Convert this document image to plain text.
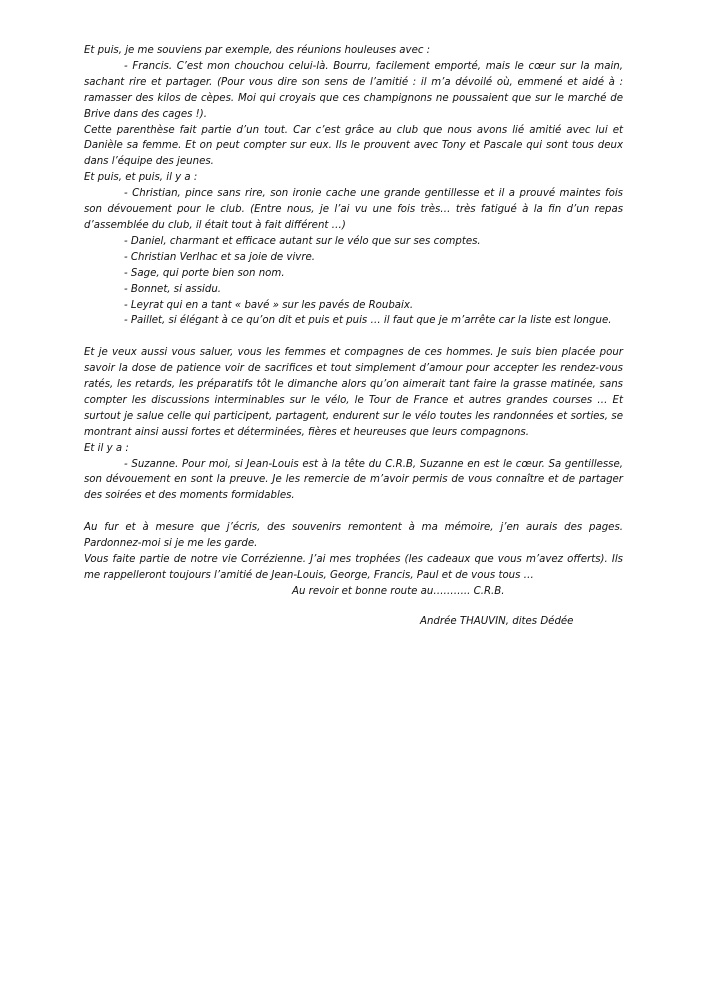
Et puis, je me souviens par exemple, des réunions houleuses avec :

- Francis. C’est mon chouchou celui-là. Bourru, facilement emporté, mais le cœur sur la main, sachant rire et partager. (Pour vous dire son sens de l’amitié : il m’a dévoilé où, emmené et aidé à : ramasser des kilos de cèpes. Moi qui croyais que ces champignons ne poussaient que sur le marché de Brive dans des cages !).

Cette parenthèse fait partie d’un tout. Car c’est grâce au club que nous avons lié amitié avec lui et Danièle sa femme. Et on peut compter sur eux. Ils le prouvent avec Tony et Pascale qui sont tous deux dans l’équipe des jeunes.

Et puis, et puis, il y a :

- Christian, pince sans rire, son ironie cache une grande gentillesse et il a prouvé maintes fois son dévouement pour le club. (Entre nous, je l’ai vu une fois très… très fatigué à la fin d’un repas d’assemblée du club, il était tout à fait différent …)

- Daniel, charmant et efficace autant sur le vélo que sur ses comptes.
- Christian Verlhac et sa joie de vivre.
- Sage, qui porte bien son nom.
- Bonnet, si assidu.
- Leyrat qui en a tant « bavé » sur les pavés de Roubaix.
- Paillet, si élégant à ce qu’on dit et puis et puis … il faut que je m’arrête car la liste est longue.

Et je veux aussi vous saluer, vous les femmes et compagnes de ces hommes. Je suis bien placée pour savoir la dose de patience voir de sacrifices et tout simplement d’amour pour accepter les rendez-vous ratés, les retards, les préparatifs tôt le dimanche alors qu’on aimerait tant faire la grasse matinée, sans compter les discussions interminables sur le vélo, le Tour de France et autres grandes courses … Et surtout je salue celle qui participent, partagent, endurent sur le vélo toutes les randonnées et sorties, se montrant ainsi aussi fortes et déterminées, fières et heureuses que leurs compagnons.

Et il y a :

- Suzanne. Pour moi, si Jean-Louis est à la tête du C.R.B, Suzanne en est le cœur. Sa gentillesse, son dévouement en sont la preuve. Je les remercie de m’avoir permis de vous connaître et de partager des soirées et des moments formidables.

Au fur et à mesure que j’écris, des souvenirs remontent à ma mémoire, j’en aurais des pages. Pardonnez-moi si je me les garde.

Vous faite partie de notre vie Corrézienne. J’ai mes trophées (les cadeaux que vous m’avez offerts). Ils me rappelleront toujours l’amitié de Jean-Louis, George, Francis, Paul et de vous tous …

Au revoir et bonne route au……….. C.R.B.

Andrée THAUVIN, dites Dédée
